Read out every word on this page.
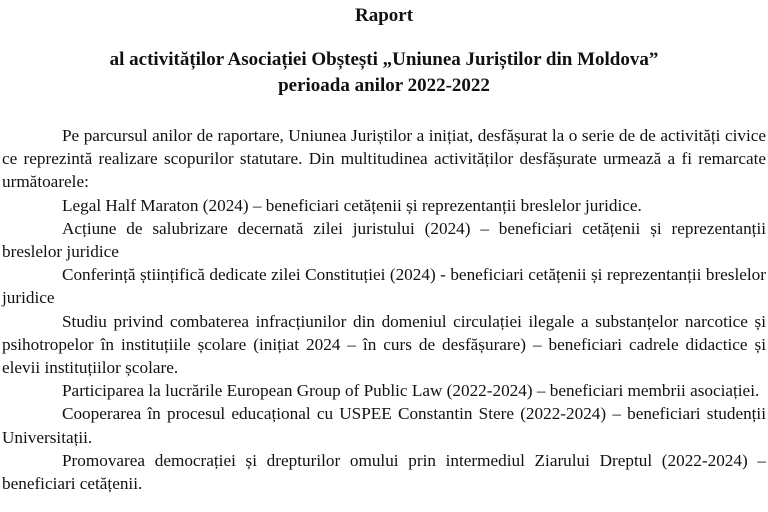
Raport

al activităților Asociației Obștești „Uniunea Juriștilor din Moldova”

perioada anilor 2022-2022

Pe parcursul anilor de raportare, Uniunea Juriștilor a inițiat, desfășurat la o serie de de activități civice ce reprezintă realizare scopurilor statutare. Din multitudinea activităților desfășurate urmează a fi remarcate următoarele:

Legal Half Maraton (2024) – beneficiari cetățenii și reprezentanții breslelor juridice.

Acțiune de salubrizare decernată zilei juristului (2024) – beneficiari cetățenii și reprezentanții breslelor juridice

Conferință științifică dedicate zilei Constituției (2024) - beneficiari cetățenii și reprezentanții breslelor juridice

Studiu privind combaterea infracțiunilor din domeniul circulației ilegale a substanțelor narcotice și psihotropelor în instituțiile școlare (inițiat 2024 – în curs de desfășurare) – beneficiari cadrele didactice și elevii instituțiilor școlare.

Participarea la lucrările European Group of Public Law (2022-2024) – beneficiari membrii asociației.

Cooperarea în procesul educațional cu USPEE Constantin Stere (2022-2024) – beneficiari studenții Universitații.

Promovarea democrației și drepturilor omului prin intermediul Ziarului Dreptul (2022-2024) – beneficiari cetățenii.
